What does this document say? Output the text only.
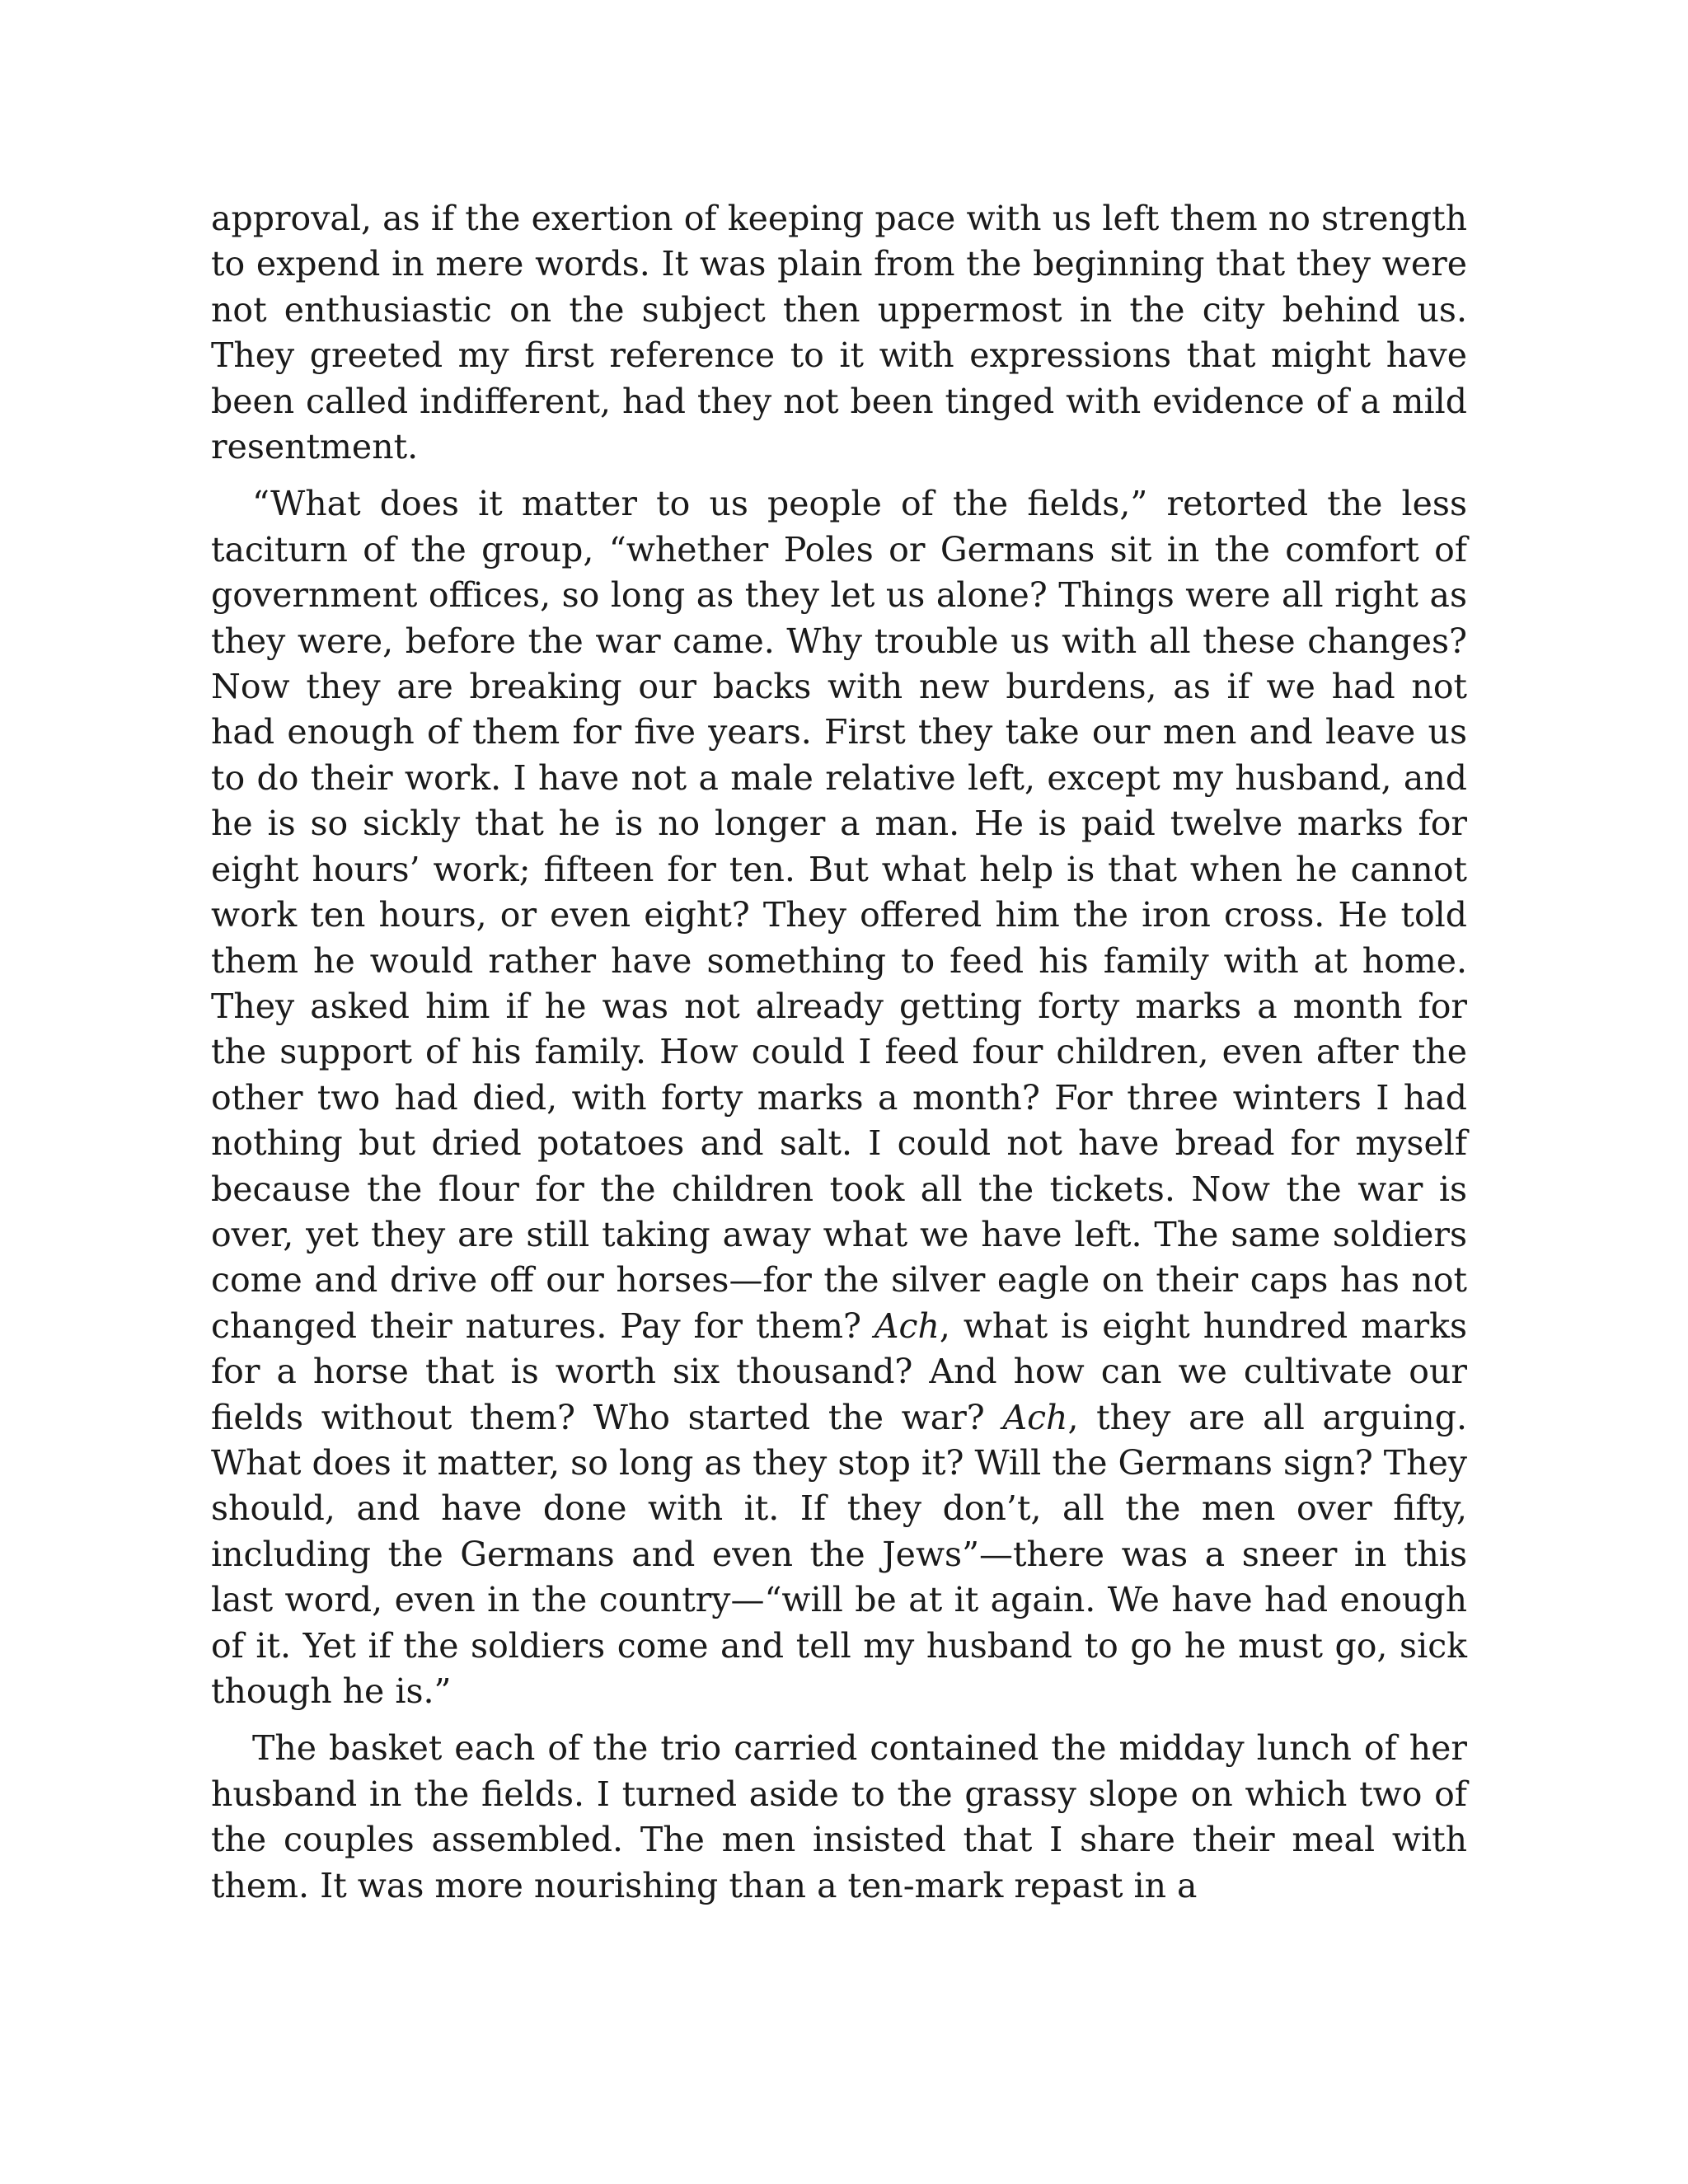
approval, as if the exertion of keeping pace with us left them no strength to expend in mere words. It was plain from the beginning that they were not enthusiastic on the subject then uppermost in the city behind us. They greeted my first reference to it with expressions that might have been called indifferent, had they not been tinged with evidence of a mild resentment.

“What does it matter to us people of the fields,” retorted the less taciturn of the group, “whether Poles or Germans sit in the comfort of government offices, so long as they let us alone? Things were all right as they were, before the war came. Why trouble us with all these changes? Now they are breaking our backs with new burdens, as if we had not had enough of them for five years. First they take our men and leave us to do their work. I have not a male relative left, except my husband, and he is so sickly that he is no longer a man. He is paid twelve marks for eight hours’ work; fifteen for ten. But what help is that when he cannot work ten hours, or even eight? They offered him the iron cross. He told them he would rather have something to feed his family with at home. They asked him if he was not already getting forty marks a month for the support of his family. How could I feed four children, even after the other two had died, with forty marks a month? For three winters I had nothing but dried potatoes and salt. I could not have bread for myself because the flour for the children took all the tickets. Now the war is over, yet they are still taking away what we have left. The same soldiers come and drive off our horses—for the silver eagle on their caps has not changed their natures. Pay for them? Ach, what is eight hundred marks for a horse that is worth six thousand? And how can we cultivate our fields without them? Who started the war? Ach, they are all arguing. What does it matter, so long as they stop it? Will the Germans sign? They should, and have done with it. If they don’t, all the men over fifty, including the Germans and even the Jews”—there was a sneer in this last word, even in the country—“will be at it again. We have had enough of it. Yet if the soldiers come and tell my husband to go he must go, sick though he is.”

The basket each of the trio carried contained the midday lunch of her husband in the fields. I turned aside to the grassy slope on which two of the couples assembled. The men insisted that I share their meal with them. It was more nourishing than a ten-mark repast in a
